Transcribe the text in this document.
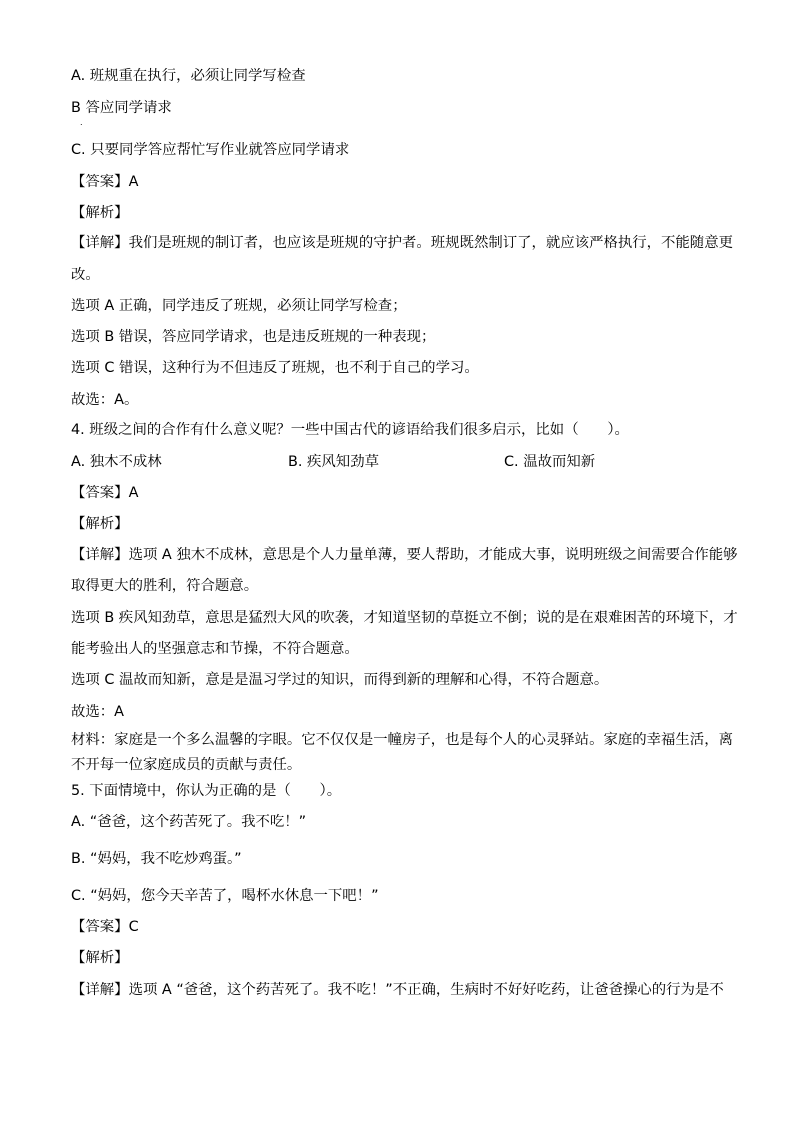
A. 班规重在执行，必须让同学写检查
B 答应同学请求
.
C. 只要同学答应帮忙写作业就答应同学请求
【答案】A
【解析】
【详解】我们是班规的制订者，也应该是班规的守护者。班规既然制订了，就应该严格执行，不能随意更
改。
选项 A 正确，同学违反了班规，必须让同学写检查；
选项 B 错误，答应同学请求，也是违反班规的一种表现；
选项 C 错误，这种行为不但违反了班规，也不利于自己的学习。
故选：A。
4. 班级之间的合作有什么意义呢？一些中国古代的谚语给我们很多启示，比如（　　）。
A. 独木不成林	B. 疾风知劲草	C. 温故而知新
【答案】A
【解析】
【详解】选项 A 独木不成林，意思是个人力量单薄，要人帮助，才能成大事，说明班级之间需要合作能够
取得更大的胜利，符合题意。
选项 B 疾风知劲草，意思是猛烈大风的吹袭，才知道坚韧的草挺立不倒；说的是在艰难困苦的环境下，才
能考验出人的坚强意志和节操，不符合题意。
选项 C 温故而知新，意是是温习学过的知识，而得到新的理解和心得，不符合题意。
故选：A
材料：家庭是一个多么温馨的字眼。它不仅仅是一幢房子，也是每个人的心灵驿站。家庭的幸福生活，离
不开每一位家庭成员的贡献与责任。
5. 下面情境中，你认为正确的是（　　）。
A. “爸爸，这个药苦死了。我不吃！”
B. “妈妈，我不吃炒鸡蛋。”
C. “妈妈，您今天辛苦了，喝杯水休息一下吧！”
【答案】C
【解析】
【详解】选项 A “爸爸，这个药苦死了。我不吃！”不正确，生病时不好好吃药，让爸爸操心的行为是不
